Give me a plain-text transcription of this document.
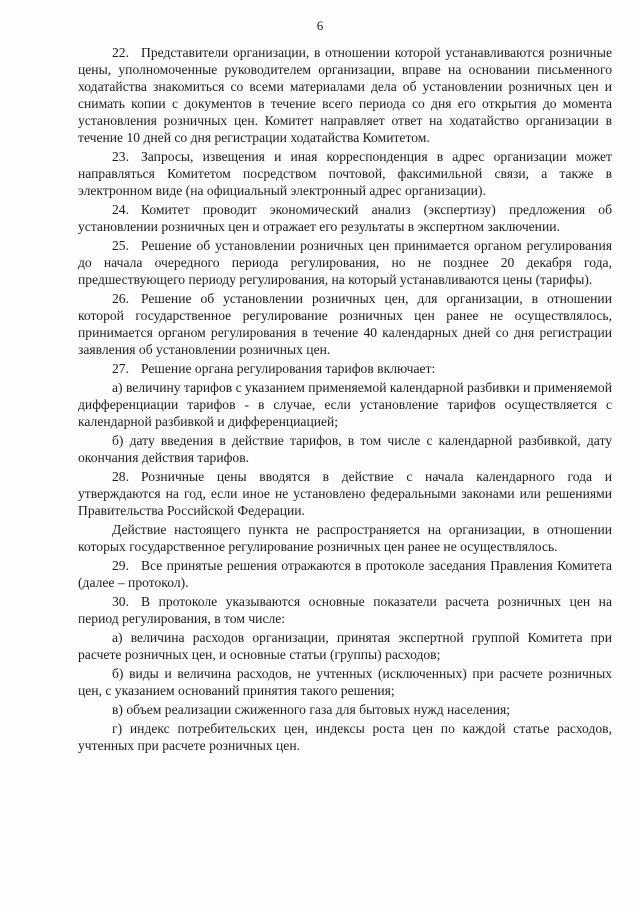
6

22. Представители организации, в отношении которой устанавливаются розничные цены, уполномоченные руководителем организации, вправе на основании письменного ходатайства знакомиться со всеми материалами дела об установлении розничных цен и снимать копии с документов в течение всего периода со дня его открытия до момента установления розничных цен. Комитет направляет ответ на ходатайство организации в течение 10 дней со дня регистрации ходатайства Комитетом.

23. Запросы, извещения и иная корреспонденция в адрес организации может направляться Комитетом посредством почтовой, факсимильной связи, а также в электронном виде (на официальный электронный адрес организации).

24. Комитет проводит экономический анализ (экспертизу) предложения об установлении розничных цен и отражает его результаты в экспертном заключении.

25. Решение об установлении розничных цен принимается органом регулирования до начала очередного периода регулирования, но не позднее 20 декабря года, предшествующего периоду регулирования, на который устанавливаются цены (тарифы).

26. Решение об установлении розничных цен, для организации, в отношении которой государственное регулирование розничных цен ранее не осуществлялось, принимается органом регулирования в течение 40 календарных дней со дня регистрации заявления об установлении розничных цен.

27. Решение органа регулирования тарифов включает:

а) величину тарифов с указанием применяемой календарной разбивки и применяемой дифференциации тарифов - в случае, если установление тарифов осуществляется с календарной разбивкой и дифференциацией;

б) дату введения в действие тарифов, в том числе с календарной разбивкой, дату окончания действия тарифов.

28. Розничные цены вводятся в действие с начала календарного года и утверждаются на год, если иное не установлено федеральными законами или решениями Правительства Российской Федерации.

Действие настоящего пункта не распространяется на организации, в отношении которых государственное регулирование розничных цен ранее не осуществлялось.

29. Все принятые решения отражаются в протоколе заседания Правления Комитета (далее – протокол).

30. В протоколе указываются основные показатели расчета розничных цен на период регулирования, в том числе:

а) величина расходов организации, принятая экспертной группой Комитета при расчете розничных цен, и основные статьи (группы) расходов;

б) виды и величина расходов, не учтенных (исключенных) при расчете розничных цен, с указанием оснований принятия такого решения;

в) объем реализации сжиженного газа для бытовых нужд населения;

г) индекс потребительских цен, индексы роста цен по каждой статье расходов, учтенных при расчете розничных цен.
